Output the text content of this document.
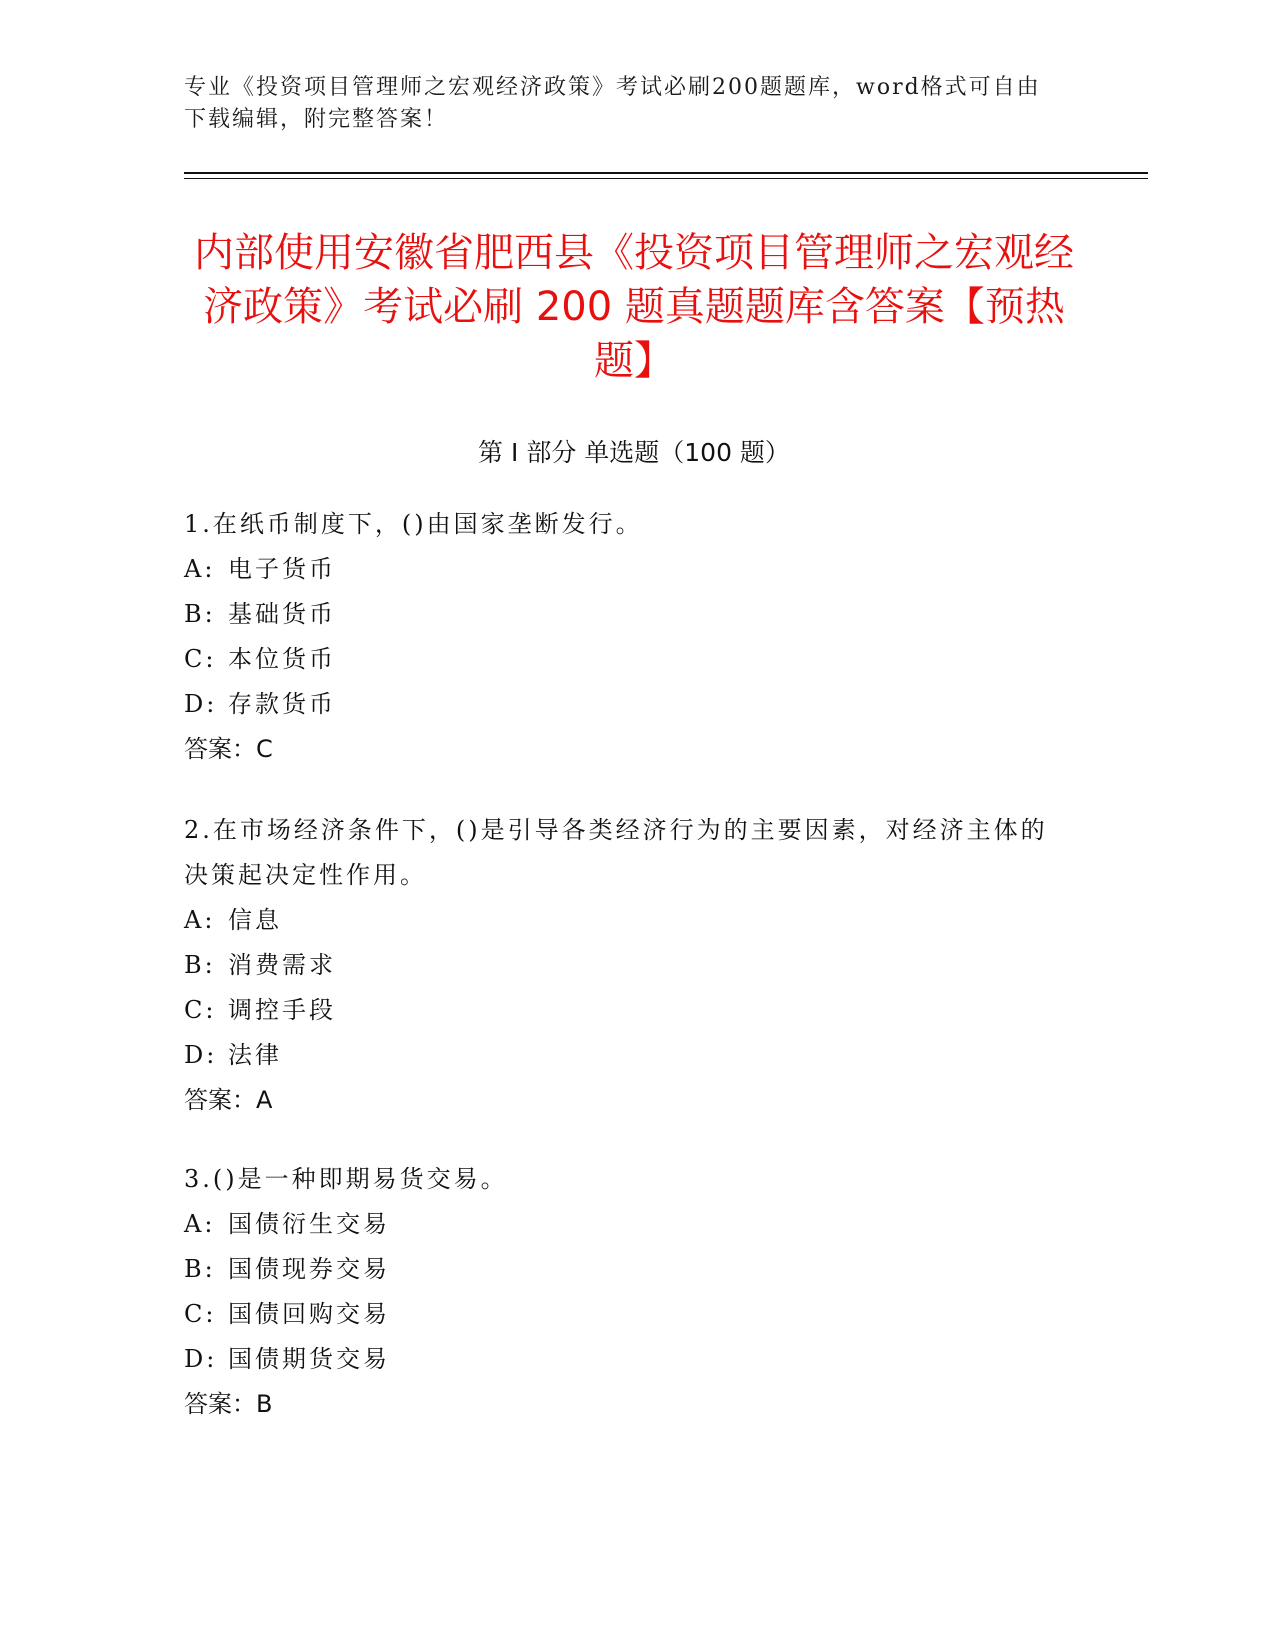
专业《投资项目管理师之宏观经济政策》考试必刷200题题库，word格式可自由下载编辑，附完整答案！
内部使用安徽省肥西县《投资项目管理师之宏观经济政策》考试必刷 200 题真题题库含答案【预热题】
第 I 部分 单选题（100 题）

1.在纸币制度下，()由国家垄断发行。

A: 电子货币
B: 基础货币
C: 本位货币
D: 存款货币

答案：C

2.在市场经济条件下，()是引导各类经济行为的主要因素，对经济主体的决策起决定性作用。

A: 信息
B: 消费需求
C: 调控手段
D: 法律

答案：A

3.()是一种即期易货交易。

A: 国债衍生交易
B: 国债现券交易
C: 国债回购交易
D: 国债期货交易

答案：B
